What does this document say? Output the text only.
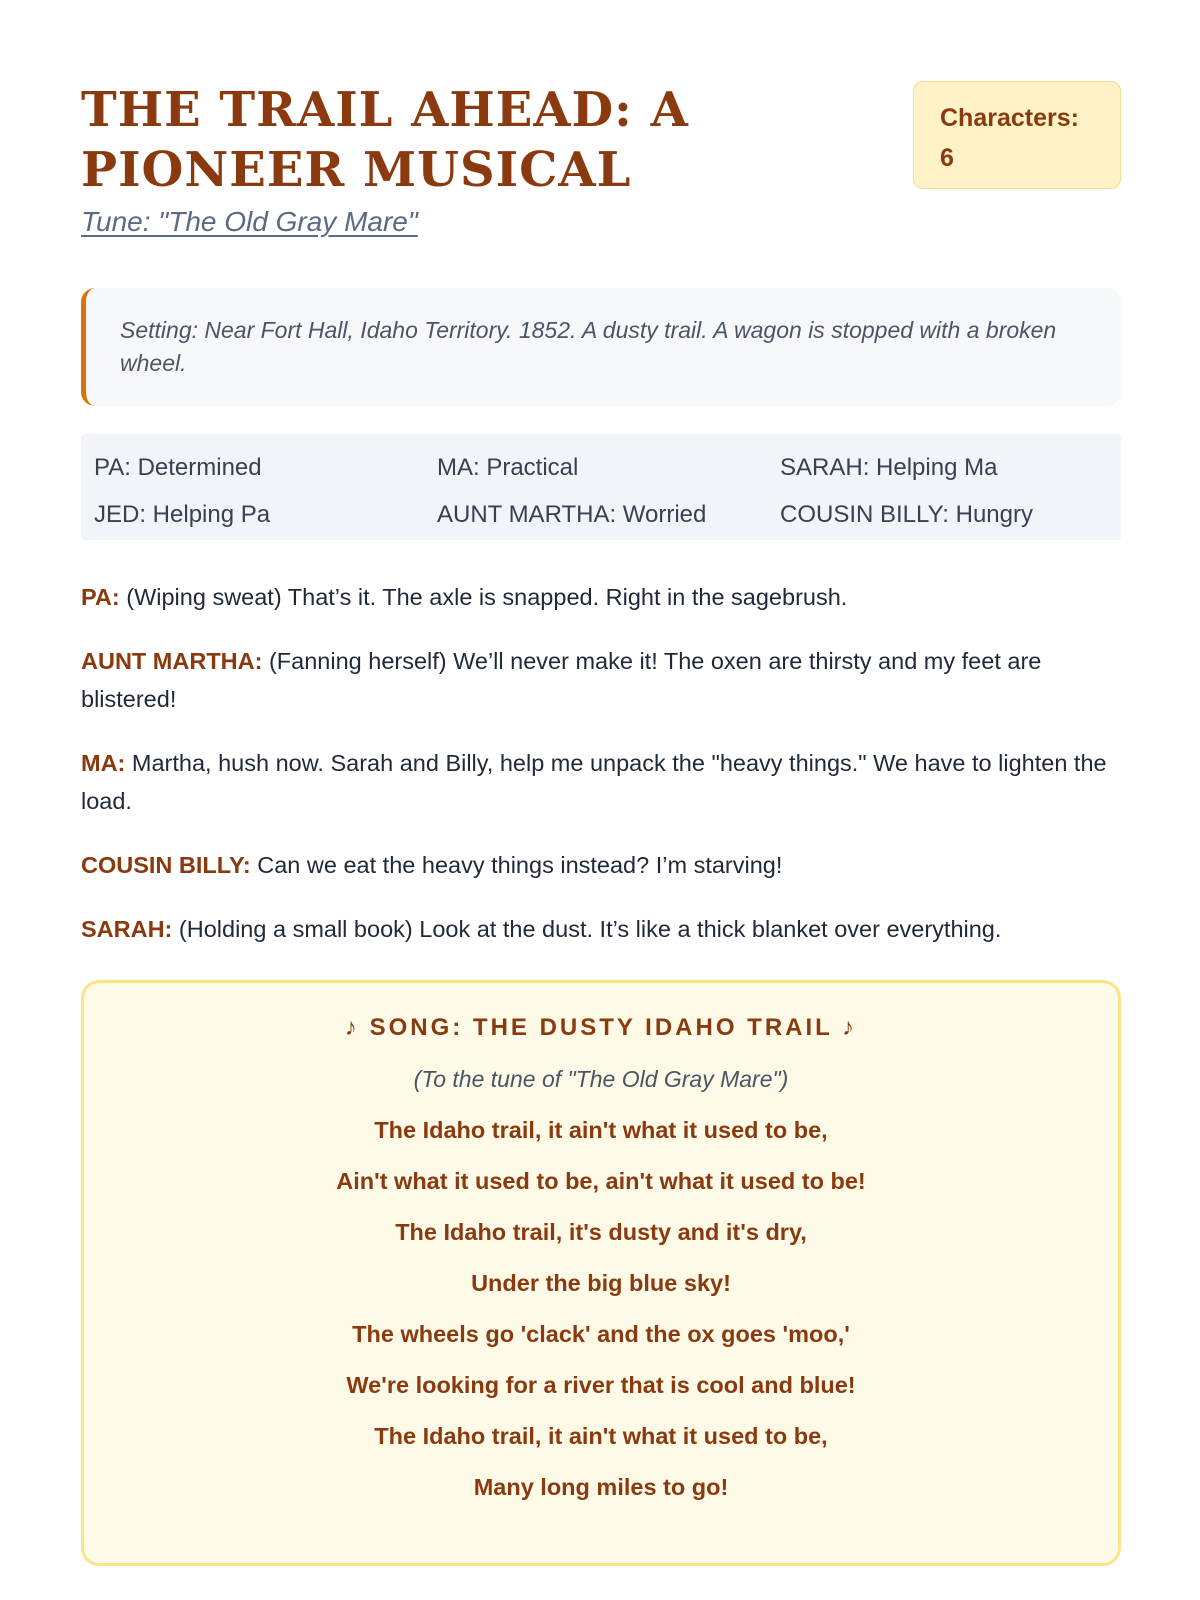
THE TRAIL AHEAD: A PIONEER MUSICAL
Tune: "The Old Gray Mare"
Characters:
6
Setting: Near Fort Hall, Idaho Territory. 1852. A dusty trail. A wagon is stopped with a broken wheel.
PA: Determined	MA: Practical	SARAH: Helping Ma
JED: Helping Pa	AUNT MARTHA: Worried	COUSIN BILLY: Hungry

PA: (Wiping sweat) That’s it. The axle is snapped. Right in the sagebrush.

AUNT MARTHA: (Fanning herself) We’ll never make it! The oxen are thirsty and my feet are blistered!

MA: Martha, hush now. Sarah and Billy, help me unpack the "heavy things." We have to lighten the load.

COUSIN BILLY: Can we eat the heavy things instead? I’m starving!

SARAH: (Holding a small book) Look at the dust. It’s like a thick blanket over everything.

♪ SONG: THE DUSTY IDAHO TRAIL ♪
(To the tune of "The Old Gray Mare")
The Idaho trail, it ain't what it used to be,
Ain't what it used to be, ain't what it used to be!
The Idaho trail, it's dusty and it's dry,
Under the big blue sky!
The wheels go 'clack' and the ox goes 'moo,'
We're looking for a river that is cool and blue!
The Idaho trail, it ain't what it used to be,
Many long miles to go!
